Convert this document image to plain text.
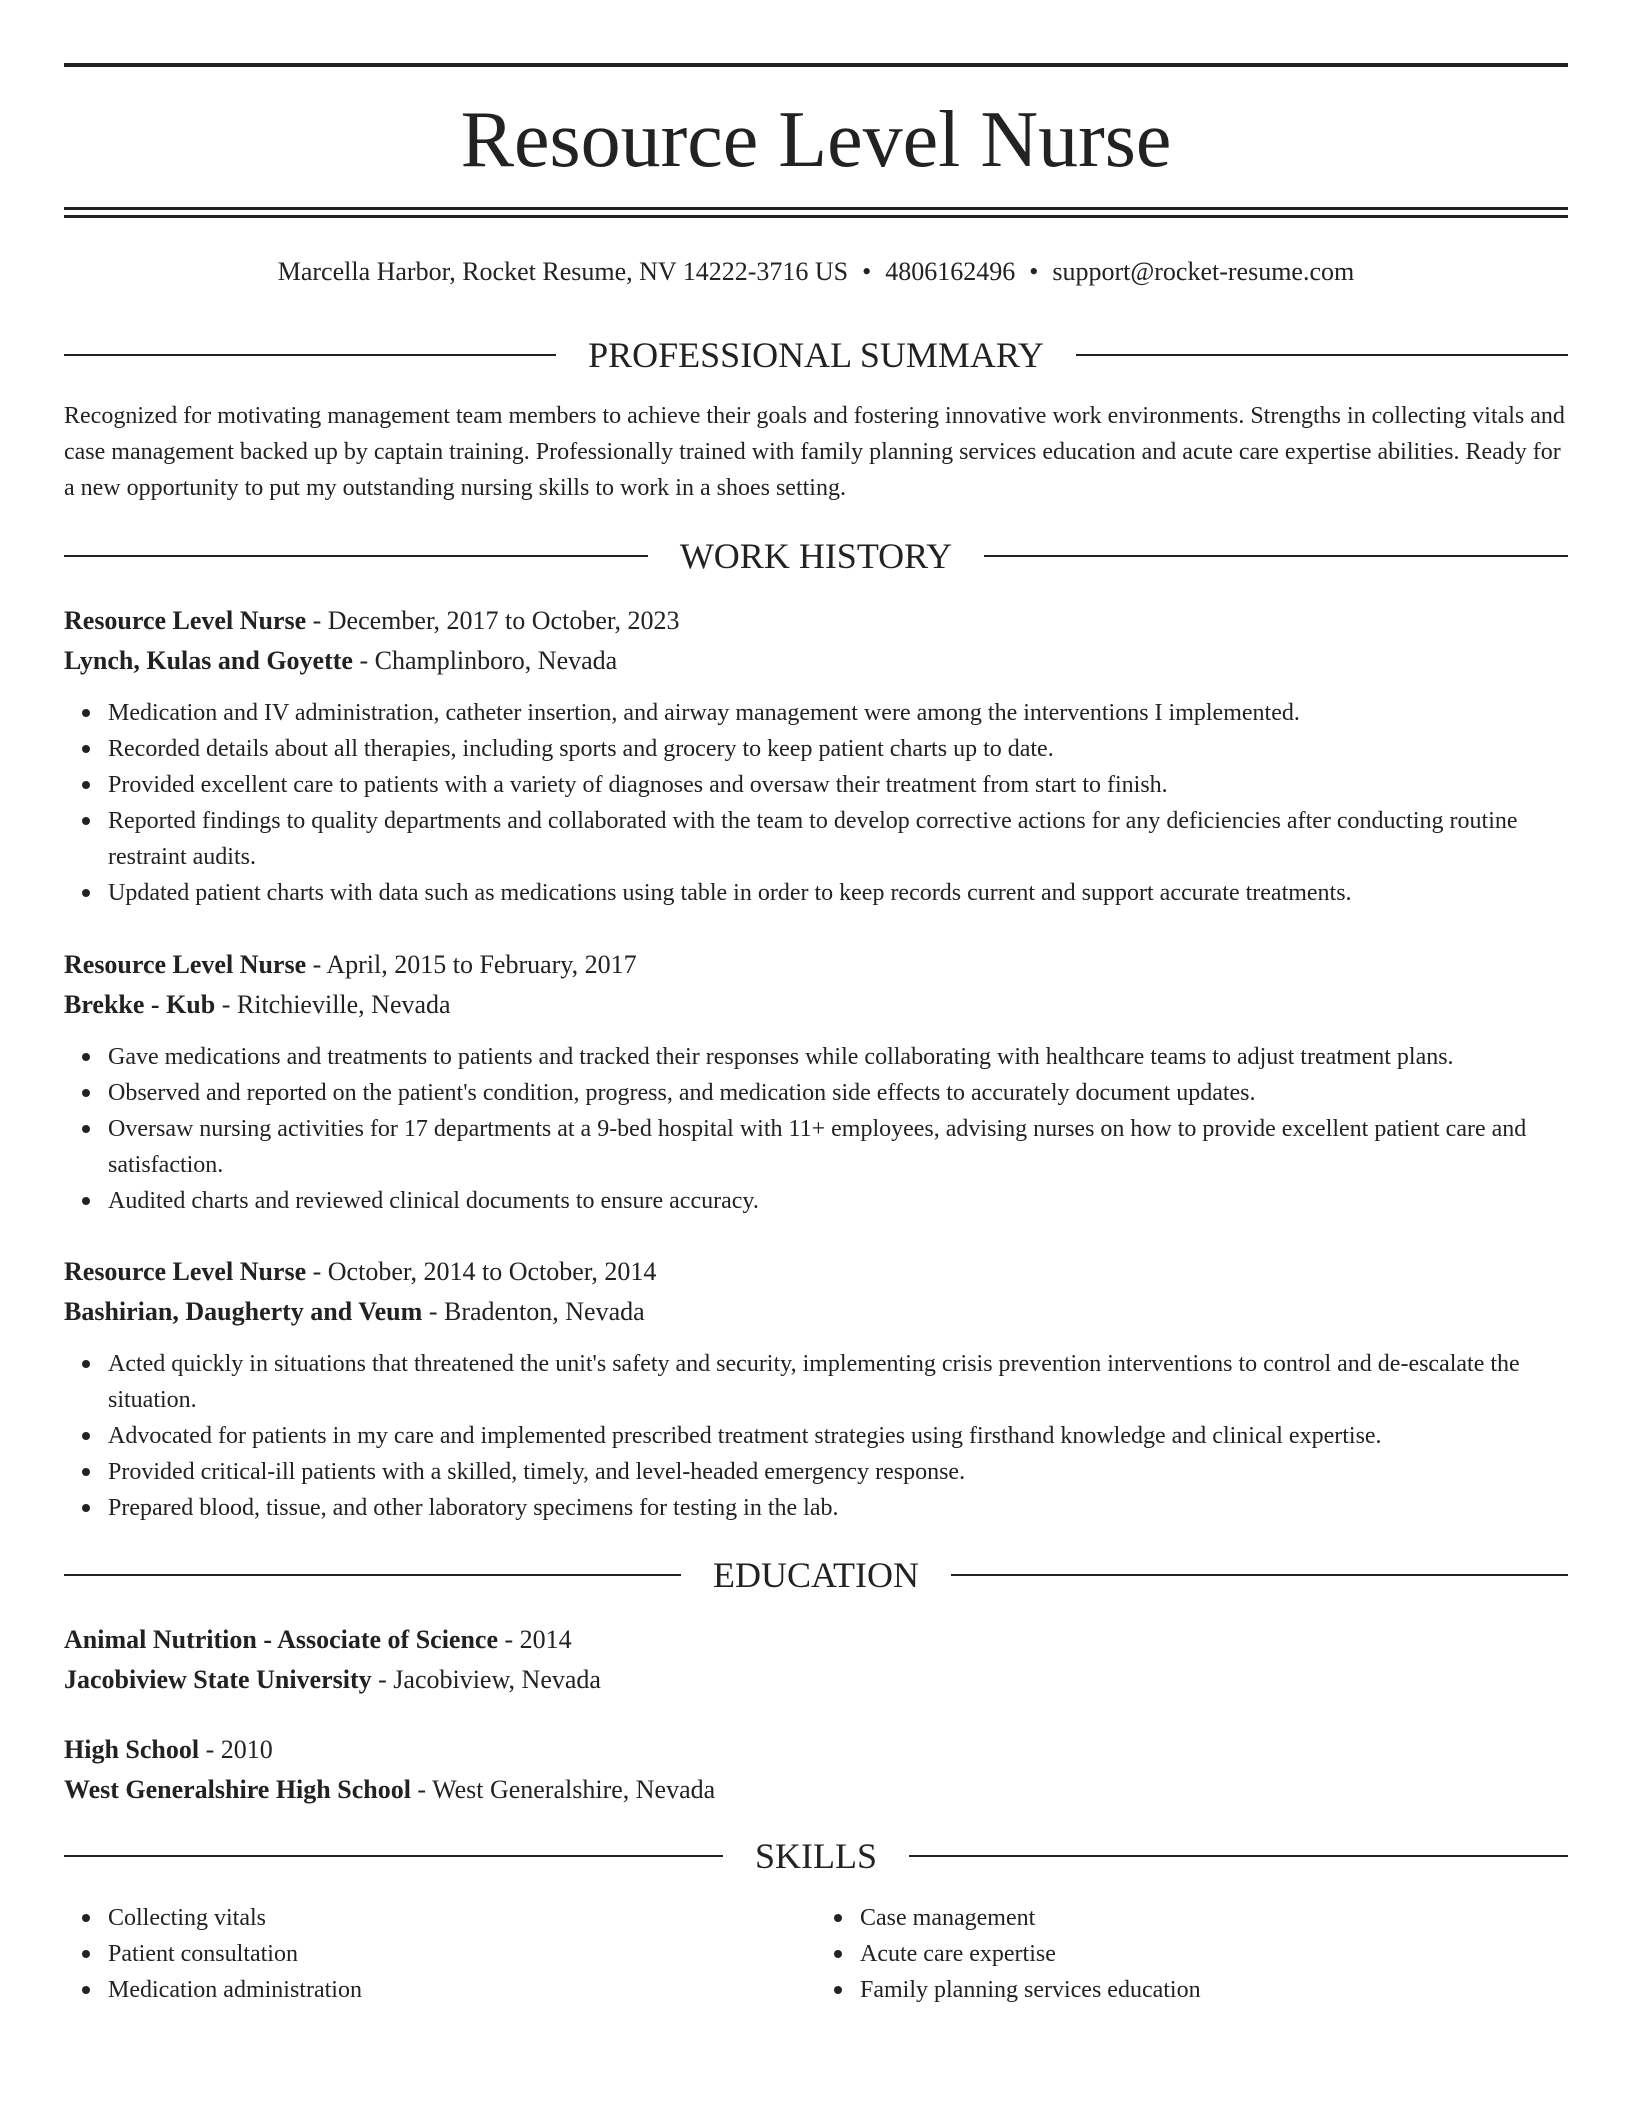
Resource Level Nurse
Marcella Harbor, Rocket Resume, NV 14222-3716 US • 4806162496 • support@rocket-resume.com
PROFESSIONAL SUMMARY
Recognized for motivating management team members to achieve their goals and fostering innovative work environments. Strengths in collecting vitals and case management backed up by captain training. Professionally trained with family planning services education and acute care expertise abilities. Ready for a new opportunity to put my outstanding nursing skills to work in a shoes setting.
WORK HISTORY
Resource Level Nurse - December, 2017 to October, 2023
Lynch, Kulas and Goyette - Champlinboro, Nevada
Medication and IV administration, catheter insertion, and airway management were among the interventions I implemented.
Recorded details about all therapies, including sports and grocery to keep patient charts up to date.
Provided excellent care to patients with a variety of diagnoses and oversaw their treatment from start to finish.
Reported findings to quality departments and collaborated with the team to develop corrective actions for any deficiencies after conducting routine restraint audits.
Updated patient charts with data such as medications using table in order to keep records current and support accurate treatments.
Resource Level Nurse - April, 2015 to February, 2017
Brekke - Kub - Ritchieville, Nevada
Gave medications and treatments to patients and tracked their responses while collaborating with healthcare teams to adjust treatment plans.
Observed and reported on the patient's condition, progress, and medication side effects to accurately document updates.
Oversaw nursing activities for 17 departments at a 9-bed hospital with 11+ employees, advising nurses on how to provide excellent patient care and satisfaction.
Audited charts and reviewed clinical documents to ensure accuracy.
Resource Level Nurse - October, 2014 to October, 2014
Bashirian, Daugherty and Veum - Bradenton, Nevada
Acted quickly in situations that threatened the unit's safety and security, implementing crisis prevention interventions to control and de-escalate the situation.
Advocated for patients in my care and implemented prescribed treatment strategies using firsthand knowledge and clinical expertise.
Provided critical-ill patients with a skilled, timely, and level-headed emergency response.
Prepared blood, tissue, and other laboratory specimens for testing in the lab.
EDUCATION
Animal Nutrition - Associate of Science - 2014
Jacobiview State University - Jacobiview, Nevada
High School - 2010
West Generalshire High School - West Generalshire, Nevada
SKILLS
Collecting vitals
Patient consultation
Medication administration
Case management
Acute care expertise
Family planning services education
